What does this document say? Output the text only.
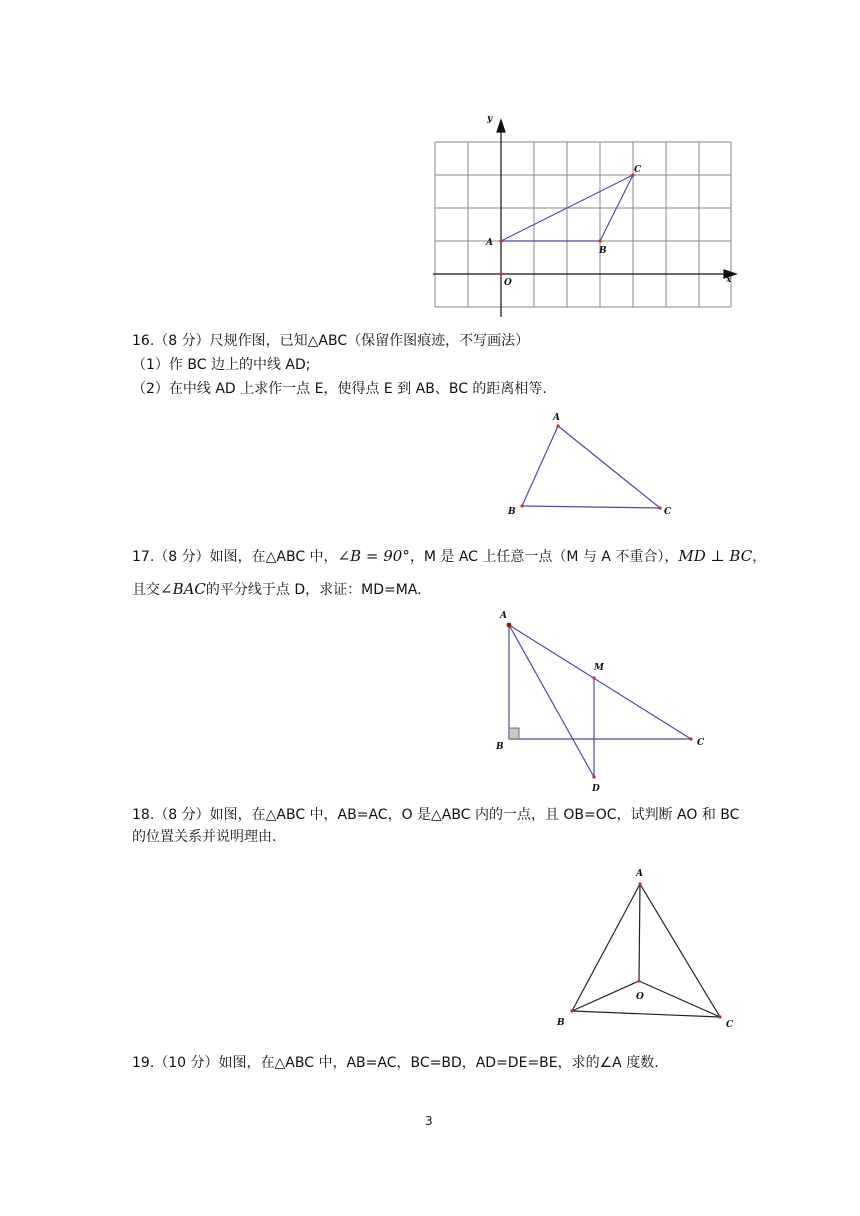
y
x
O
A
B
C
16.（8 分）尺规作图，已知△ABC（保留作图痕迹，不写画法）
（1）作 BC 边上的中线 AD;
（2）在中线 AD 上求作一点 E，使得点 E 到 AB、BC 的距离相等.
A
B	C
17.（8 分）如图，在△ABC 中，∠B = 90°，M 是 AC 上任意一点（M 与 A 不重合），MD ⊥ BC，
且交∠BAC的平分线于点 D，求证：MD=MA.
A
M
B	C
D
18.（8 分）如图，在△ABC 中，AB=AC，O 是△ABC 内的一点，且 OB=OC，试判断 AO 和 BC
的位置关系并说明理由.
A
B	C
O
19.（10 分）如图，在△ABC 中，AB=AC，BC=BD，AD=DE=BE，求的∠A 度数.
3
